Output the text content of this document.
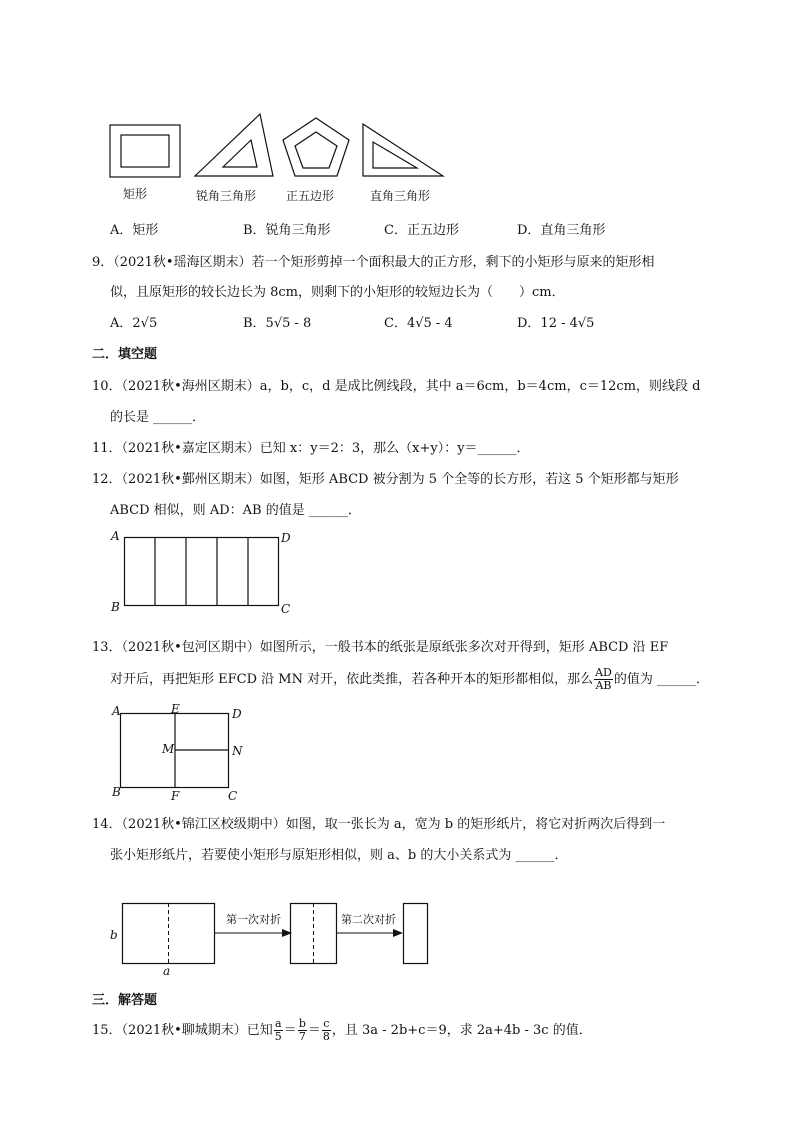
矩形	锐角三角形 正五边形	直角三角形
A．矩形	B．锐角三角形	C．正五边形	D．直角三角形
9．（2021秋•瑶海区期末）若一个矩形剪掉一个面积最大的正方形，剩下的小矩形与原来的矩形相
似，且原矩形的较长边长为 8cm，则剩下的小矩形的较短边长为（　　）cm．
A．2√5	B．5√5 - 8	C．4√5 - 4	D．12 - 4√5
二．填空题
10．（2021秋•海州区期末）a，b，c，d 是成比例线段，其中 a＝6cm，b＝4cm，c＝12cm，则线段 d
的长是 ______．
11．（2021秋•嘉定区期末）已知 x：y＝2：3，那么（x+y）：y＝______．
12．（2021秋•鄞州区期末）如图，矩形 ABCD 被分割为 5 个全等的长方形，若这 5 个矩形都与矩形
ABCD 相似，则 AD：AB 的值是 ______．
A	D
B	C
13．（2021秋•包河区期中）如图所示，一般书本的纸张是原纸张多次对开得到，矩形 ABCD 沿 EF
对开后，再把矩形 EFCD 沿 MN 对开，依此类推，若各种开本的矩形都相似，那么 $\frac{AD}{AB}$ 的值为 ______．
A	E	D
M	N
B	F	C
14．（2021秋•锦江区校级期中）如图，取一张长为 a，宽为 b 的矩形纸片，将它对折两次后得到一
张小矩形纸片，若要使小矩形与原矩形相似，则 a、b 的大小关系式为 ______．
第一次对折	第二次对折
b
a
三．解答题
15．（2021秋•聊城期末）已知 $\frac{a}{5} = \frac{b}{7} = \frac{c}{8}$ ，且 3a - 2b+c＝9，求 2a+4b - 3c 的值．
